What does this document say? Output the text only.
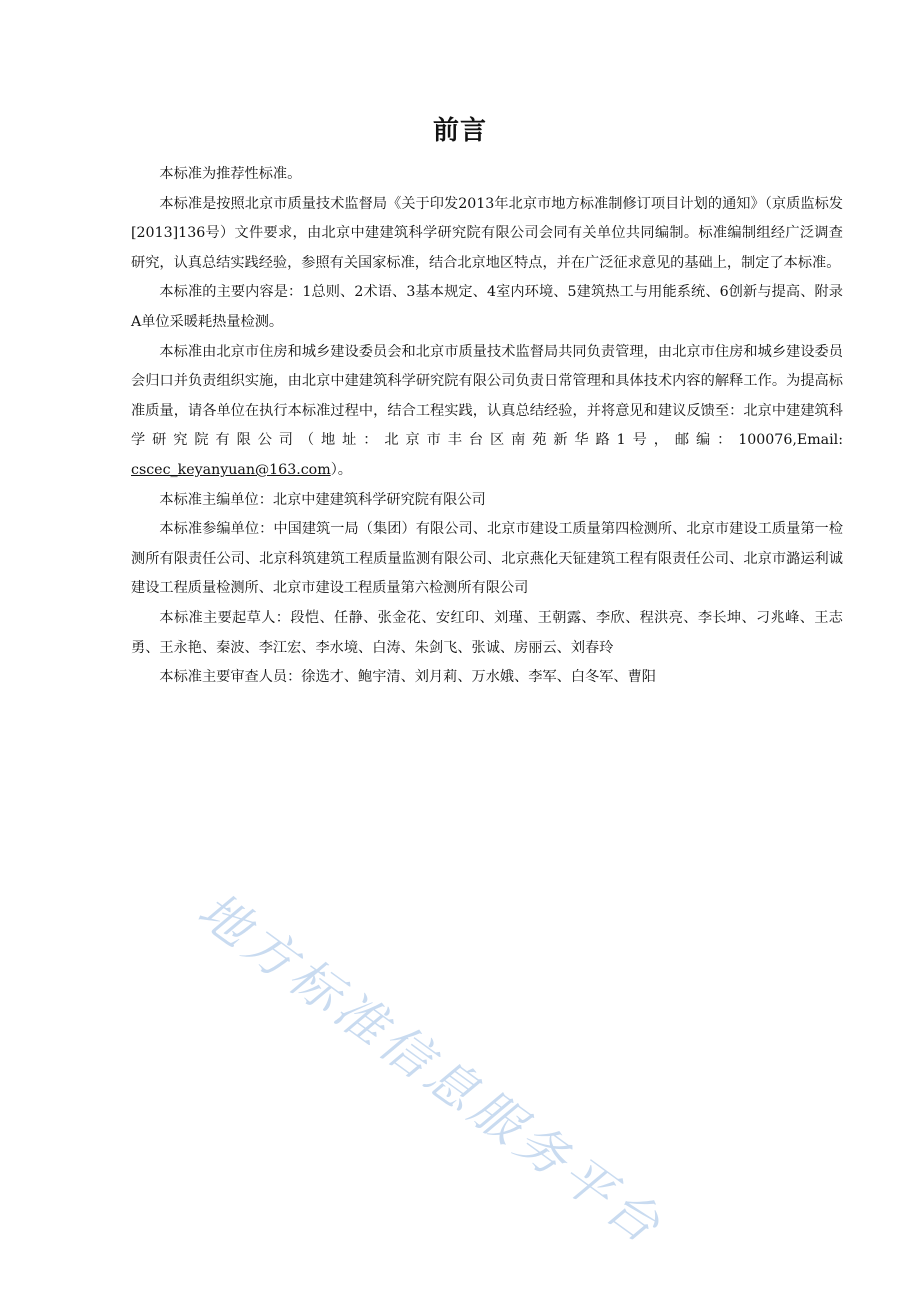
前言

本标准为推荐性标准。

本标准是按照北京市质量技术监督局《关于印发2013年北京市地方标准制修订项目计划的通知》（京质监标发[2013]136号）文件要求，由北京中建建筑科学研究院有限公司会同有关单位共同编制。标准编制组经广泛调查研究，认真总结实践经验，参照有关国家标准，结合北京地区特点，并在广泛征求意见的基础上，制定了本标准。

本标准的主要内容是：1总则、2术语、3基本规定、4室内环境、5建筑热工与用能系统、6创新与提高、附录A单位采暖耗热量检测。

本标准由北京市住房和城乡建设委员会和北京市质量技术监督局共同负责管理，由北京市住房和城乡建设委员会归口并负责组织实施，由北京中建建筑科学研究院有限公司负责日常管理和具体技术内容的解释工作。为提高标准质量，请各单位在执行本标准过程中，结合工程实践，认真总结经验，并将意见和建议反馈至：北京中建建筑科学研究院有限公司（地址：北京市丰台区南苑新华路1号，邮编：100076,Email: cscec_keyanyuan@163.com）。

本标准主编单位：北京中建建筑科学研究院有限公司

本标准参编单位：中国建筑一局（集团）有限公司、北京市建设工质量第四检测所、北京市建设工质量第一检测所有限责任公司、北京科筑建筑工程质量监测有限公司、北京燕化天钲建筑工程有限责任公司、北京市潞运利诚建设工程质量检测所、北京市建设工程质量第六检测所有限公司

本标准主要起草人：段恺、任静、张金花、安红印、刘瑾、王朝露、李欣、程洪亮、李长坤、刁兆峰、王志勇、王永艳、秦波、李江宏、李水境、白涛、朱剑飞、张诚、房丽云、刘春玲

本标准主要审查人员：徐选才、鲍宇清、刘月莉、万水娥、李军、白冬军、曹阳

地方标准信息服务平台
